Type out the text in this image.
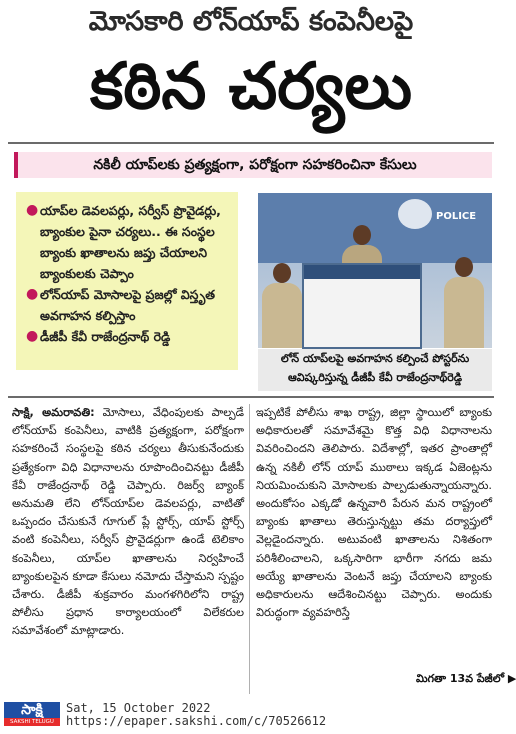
మోసకారి లోన్‌యాప్ కంపెనీలపై
కఠిన చర్యలు
నకిలీ యాప్‌లకు ప్రత్యక్షంగా, పరోక్షంగా సహకరించినా కేసులు
● యాప్‌ల డెవలపర్లు, సర్వీస్ ప్రొవైడర్లు, బ్యాంకుల పైనా చర్యలు.. ఈ సంస్థల బ్యాంకు ఖాతాలను జప్తు చేయాలని బ్యాంకులకు చెప్పాం
● లోన్‌యాప్ మోసాలపై ప్రజల్లో విస్తృత అవగాహన కల్పిస్తాం
● డీజీపీ కేవీ రాజేంద్రనాథ్ రెడ్డి
POLICE
లోన్ యాప్‌లపై అవగాహన కల్పించే పోస్టర్‌ను
ఆవిష్కరిస్తున్న డీజీపీ కేవీ రాజేంద్రనాథ్‌రెడ్డి
సాక్షి, అమరావతి: మోసాలు, వేధింపులకు పాల్పడే లోన్‌యాప్ కంపెనీలు, వాటికి ప్రత్యక్షంగా, పరోక్షంగా సహకరించే సంస్థలపై కఠిన చర్యలు తీసుకునేందుకు ప్రత్యేకంగా విధి విధానాలను రూపొందించినట్టు డీజీపీ కేవీ రాజేంద్రనాథ్ రెడ్డి చెప్పారు. రిజర్వ్ బ్యాంక్ అనుమతి లేని లోన్‌యాప్‌ల డెవలపర్లు, వాటితో ఒప్పందం చేసుకునే గూగుల్ ప్లే స్టోర్స్, యాప్ స్టోర్స్ వంటి కంపెనీలు, సర్వీస్ ప్రొవైడర్లుగా ఉండే టెలికాం కంపెనీలు, యాప్‌ల ఖాతాలను నిర్వహించే బ్యాంకులపైన కూడా కేసులు నమోదు చేస్తామని స్పష్టం చేశారు. డీజీపీ శుక్రవారం మంగళగిరిలోని రాష్ట్ర పోలీసు ప్రధాన కార్యాలయంలో విలేకరుల సమావేశంలో మాట్లాడారు.
ఇప్పటికే పోలీసు శాఖ రాష్ట్ర, జిల్లా స్థాయిలో బ్యాంకు అధికారులతో సమావేశమై కొత్త విధి విధానాలను వివరించిందని తెలిపారు. విదేశాల్లో, ఇతర ప్రాంతాల్లో ఉన్న నకిలీ లోన్ యాప్ ముఠాలు ఇక్కడ ఏజెంట్లను నియమించుకుని మోసాలకు పాల్పడుతున్నాయన్నారు. అందుకోసం ఎక్కడో ఉన్నవారి పేరున మన రాష్ట్రంలో బ్యాంకు ఖాతాలు తెరుస్తున్నట్టు తమ దర్యాప్తులో వెల్లడైందన్నారు. అటువంటి ఖాతాలను నిశితంగా పరిశీలించాలని, ఒక్కసారిగా భారీగా నగదు జమ అయ్యే ఖాతాలను వెంటనే జప్తు చేయాలని బ్యాంకు అధికారులను ఆదేశించినట్టు చెప్పారు. అందుకు విరుద్ధంగా వ్యవహరిస్తే
మిగతా 13వ పేజీలో ▶
సాక్షి
SAKSHI TELUGU DAILY
Sat, 15 October 2022
https://epaper.sakshi.com/c/70526612
